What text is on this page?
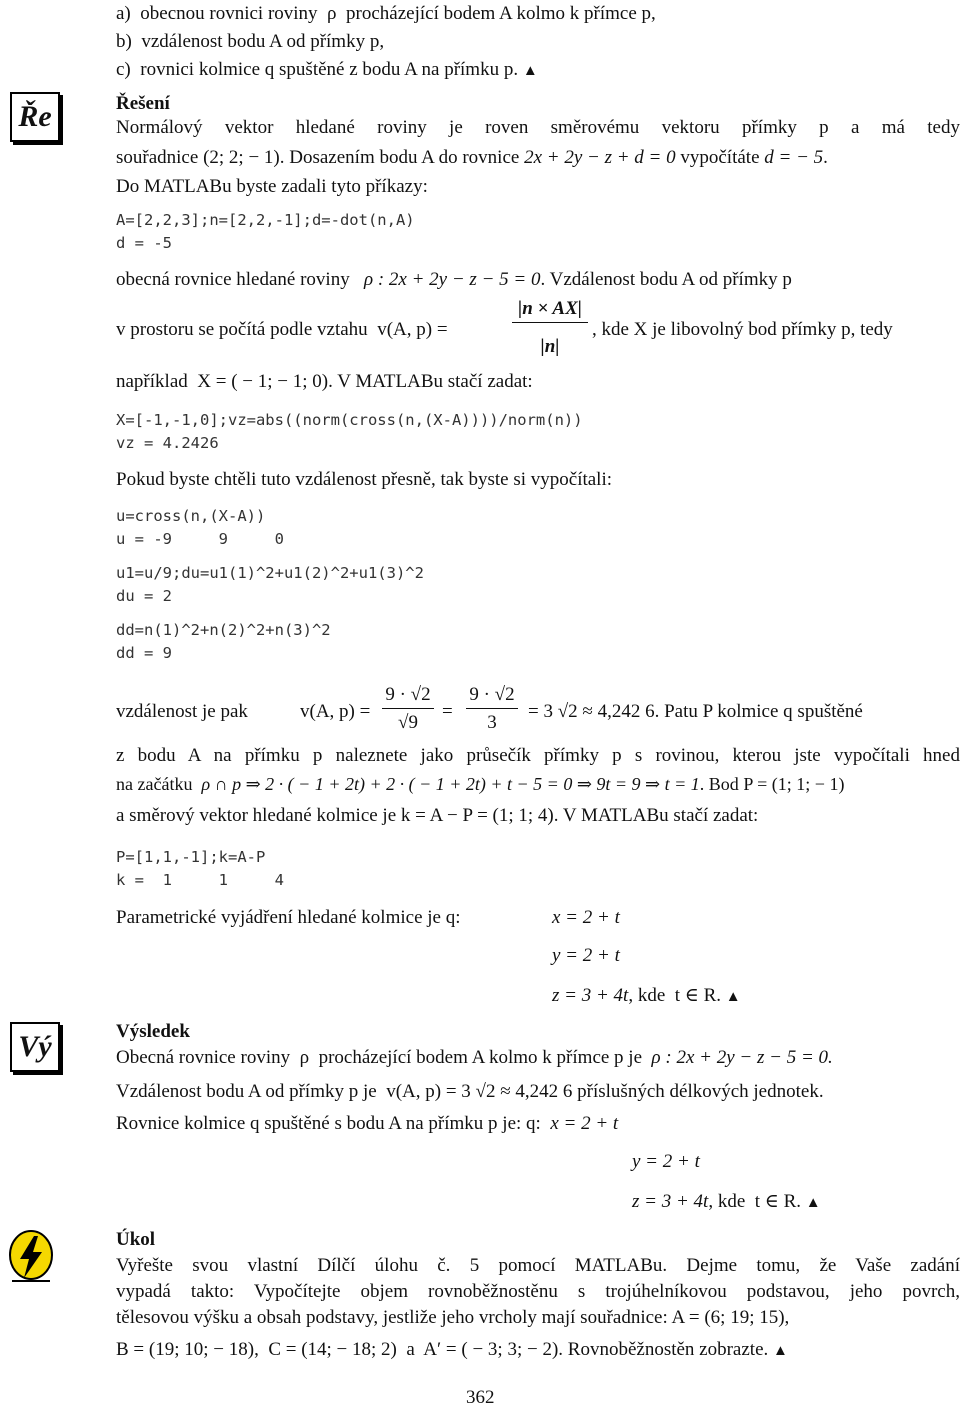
a)  obecnou rovnici roviny  ρ  procházející bodem A kolmo k přímce p,
b)  vzdálenost bodu A od přímky p,
c)  rovnici kolmice q spuštěné z bodu A na přímku p. ▲
Ře	Řešení
Normálový vektor hledané roviny je roven směrovému vektoru přímky p a má tedy
souřadnice (2; 2; − 1). Dosazením bodu A do rovnice 2x + 2y − z + d = 0 vypočítáte d = − 5.
Do MATLABu byste zadali tyto příkazy:
A=[2,2,3];n=[2,2,-1];d=-dot(n,A)
d = -5
obecná rovnice hledané roviny   ρ : 2x + 2y − z − 5 = 0. Vzdálenost bodu A od přímky p
v prostoru se počítá podle vztahu  v(A, p) =
|n × AX|
|n|
, kde X je libovolný bod přímky p, tedy
například  X = ( − 1; − 1; 0). V MATLABu stačí zadat:
X=[-1,-1,0];vz=abs((norm(cross(n,(X-A))))/norm(n))
vz = 4.2426
Pokud byste chtěli tuto vzdálenost přesně, tak byste si vypočítali:
u=cross(n,(X-A))
u = -9     9     0
u1=u/9;du=u1(1)^2+u1(2)^2+u1(3)^2
du = 2
dd=n(1)^2+n(2)^2+n(3)^2
dd = 9
vzdálenost je pak	v(A, p) =
9 · √2
√9
=
9 · √2
3
= 3 √2 ≈ 4,242 6. Patu P kolmice q spuštěné
z bodu A na přímku p naleznete jako průsečík přímky p s rovinou, kterou jste vypočítali hned
na začátku  ρ ∩ p ⇒ 2 · ( − 1 + 2t) + 2 · ( − 1 + 2t) + t − 5 = 0 ⇒ 9t = 9 ⇒ t = 1. Bod P = (1; 1; − 1)
a směrový vektor hledané kolmice je k = A − P = (1; 1; 4). V MATLABu stačí zadat:
P=[1,1,-1];k=A-P
k =  1     1     4
Parametrické vyjádření hledané kolmice je q:	x = 2 + t
y = 2 + t
z = 3 + 4t, kde  t ∈ R. ▲
Vý	Výsledek
Obecná rovnice roviny  ρ  procházející bodem A kolmo k přímce p je  ρ : 2x + 2y − z − 5 = 0.
Vzdálenost bodu A od přímky p je  v(A, p) = 3 √2 ≈ 4,242 6 příslušných délkových jednotek.
Rovnice kolmice q spuštěné s bodu A na přímku p je: q:  x = 2 + t
y = 2 + t
z = 3 + 4t, kde  t ∈ R. ▲
Úkol
Vyřešte svou vlastní Dílčí úlohu č. 5 pomocí MATLABu. Dejme tomu, že Vaše zadání
vypadá takto: Vypočítejte objem rovnoběžnostěnu s trojúhelníkovou podstavou, jeho povrch,
tělesovou výšku a obsah podstavy, jestliže jeho vrcholy mají souřadnice: A = (6; 19; 15),
B = (19; 10; − 18),  C = (14; − 18; 2)  a  A′ = ( − 3; 3; − 2). Rovnoběžnostěn zobrazte. ▲
362
